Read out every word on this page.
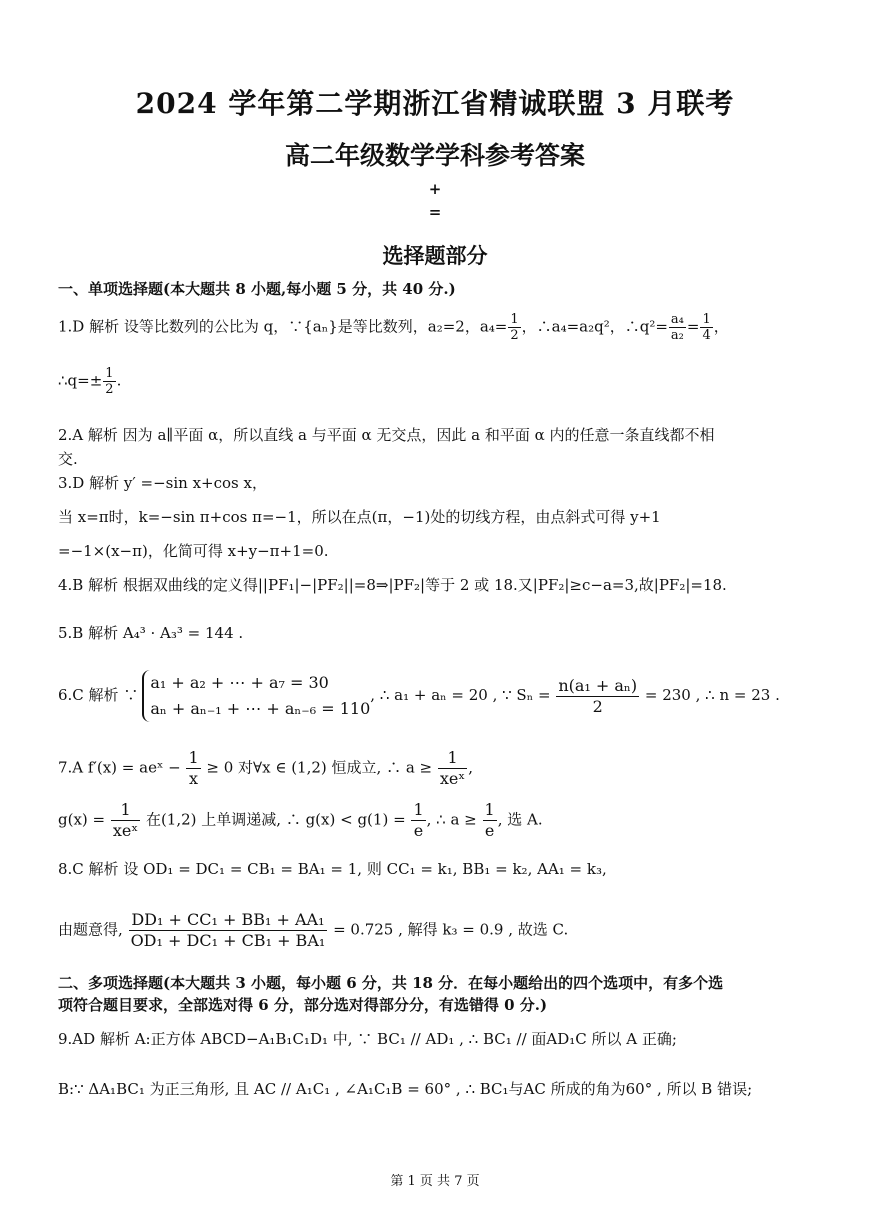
2024 学年第二学期浙江省精诚联盟 3 月联考
高二年级数学学科参考答案
+
=
选择题部分
一、单项选择题(本大题共 8 小题,每小题 5 分，共 40 分.)
1.D 解析 设等比数列的公比为 q，∵{aₙ}是等比数列，a₂=2，$a_4= \frac{1}{2}$ ，∴a₄=a₂q²，∴q²= $\frac{\text{a₄}}{\text{a₂}} = \frac{1}{4}$ ，
∴q=± $\frac{1}{2}$ .
2.A 解析 因为 a∥平面 α，所以直线 a 与平面 α 无交点，因此 a 和平面 α 内的任意一条直线都不相
交.
3.D 解析 y′ =−sin x+cos x，
当 x=π时，k=−sin π+cos π=−1，所以在点(π，−1)处的切线方程，由点斜式可得 y+1
=−1×(x−π)，化简可得 x+y−π+1=0.
4.B 解析 根据双曲线的定义得||PF₁|−|PF₂||=8⇒|PF₂|等于 2 或 18.又|PF₂|≥c−a=3,故|PF₂|=18.
5.B 解析 A₄³ · A₃³ = 144 .
6.C 解析 ∵
a₁ + a₂ + ⋯ + a₇ = 30
aₙ + aₙ₋₁ + ⋯ + aₙ₋₆ = 110
, ∴ a₁ + aₙ = 20 , ∵ $S_n = \frac{\text{n(a₁ + aₙ)}}{2} = 230$ , ∴ n = 23 .
7.A f′(x) = aeˣ − $\frac{1}{x} \ge 0$ 对∀x ∈ (1,2) 恒成立, ∴ $a \ge \frac{1}{\text{xeˣ}}$ ,
$g(x) = \frac{1}{\text{xeˣ}}$ 在(1,2) 上单调递减, ∴ $g(x) < g(1) = \frac{1}{e}$ , ∴ $a \ge \frac{1}{e}$ , 选 A.
8.C 解析 设 OD₁ = DC₁ = CB₁ = BA₁ = 1, 则 CC₁ = k₁, BB₁ = k₂, AA₁ = k₃,
由题意得, $\frac{\text{DD₁ + CC₁ + BB₁ + AA₁}}{\text{OD₁ + DC₁ + CB₁ + BA₁}} = 0.725$ , 解得 k₃ = 0.9 , 故选 C.
二、多项选择题(本大题共 3 小题，每小题 6 分，共 18 分．在每小题给出的四个选项中，有多个选
项符合题目要求，全部选对得 6 分，部分选对得部分分，有选错得 0 分.)
9.AD 解析 A:正方体 ABCD−A₁B₁C₁D₁ 中, ∵ BC₁ // AD₁ , ∴ BC₁ // 面AD₁C 所以 A 正确;
B:∵ ΔA₁BC₁ 为正三角形, 且 AC // A₁C₁ , ∠A₁C₁B = 60° , ∴ BC₁与AC 所成的角为60° , 所以 B 错误;
第 1 页 共 7 页
